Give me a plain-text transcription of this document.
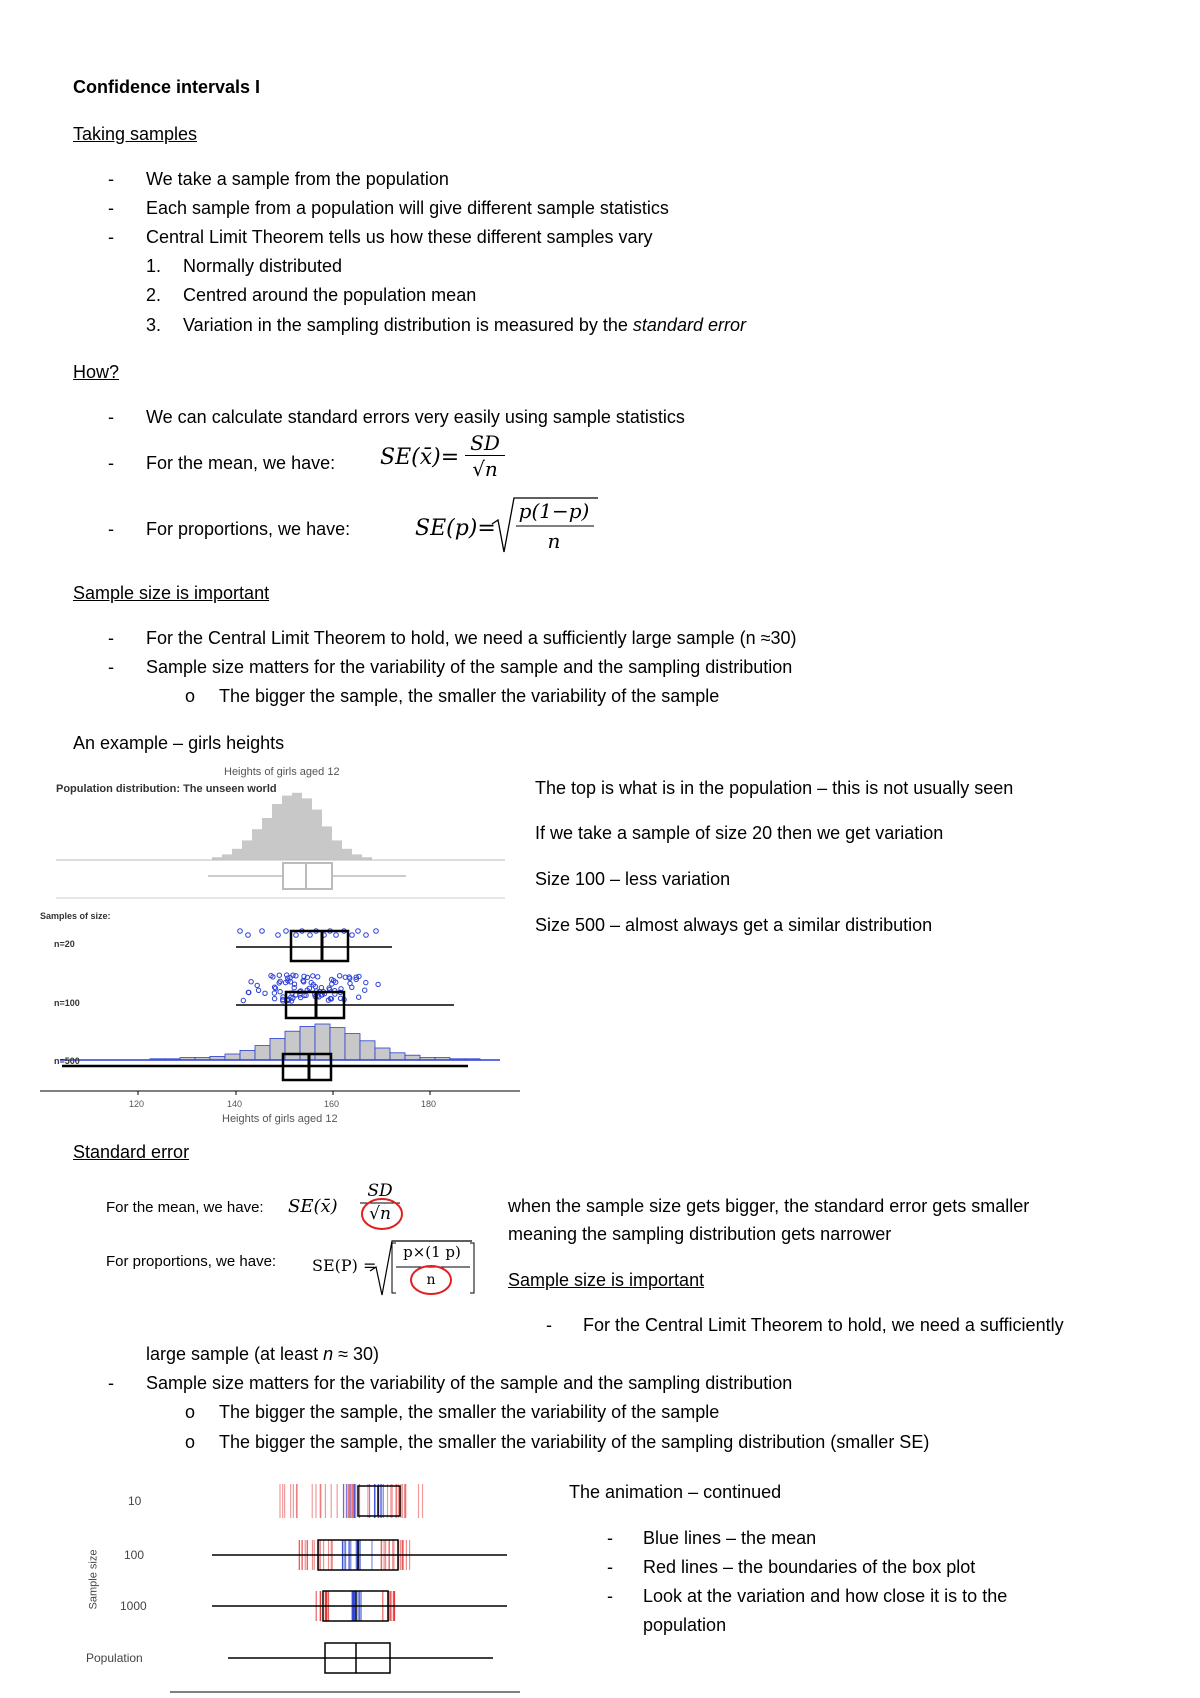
Confidence intervals I
Taking samples
- We take a sample from the population
- Each sample from a population will give different sample statistics
- Central Limit Theorem tells us how these different samples vary
1. Normally distributed
2. Centred around the population mean
3. Variation in the sampling distribution is measured by the standard error
How?
- We can calculate standard errors very easily using sample statistics
- For the mean, we have: SE(x̄)=
SD
√n
- For proportions, we have:	SE(p)=
p(1−p)
n
Sample size is important
- For the Central Limit Theorem to hold, we need a sufficiently large sample (n ≈30)
- Sample size matters for the variability of the sample and the sampling distribution
o The bigger the sample, the smaller the variability of the sample
An example – girls heights
Heights of girls aged 12
Population distribution: The unseen world
Samples of size:
n=20
n=100
n=500
120	140	160	180
Heights of girls aged 12
The top is what is in the population – this is not usually seen
If we take a sample of size 20 then we get variation
Size 100 – less variation
Size 500 – almost always get a similar distribution
Standard error
For the mean, we have: SE(x̄)
SD
√n
For proportions, we have: SE(P) =
p×(1 p)
n
when the sample size gets bigger, the standard error gets smaller
meaning the sampling distribution gets narrower
Sample size is important
- For the Central Limit Theorem to hold, we need a sufficiently
large sample (at least n ≈ 30)
- Sample size matters for the variability of the sample and the sampling distribution
o The bigger the sample, the smaller the variability of the sample
o The bigger the sample, the smaller the variability of the sampling distribution (smaller SE)
10
100
1000
Population
Sample size
The animation – continued
- Blue lines – the mean
- Red lines – the boundaries of the box plot
- Look at the variation and how close it is to the
population
